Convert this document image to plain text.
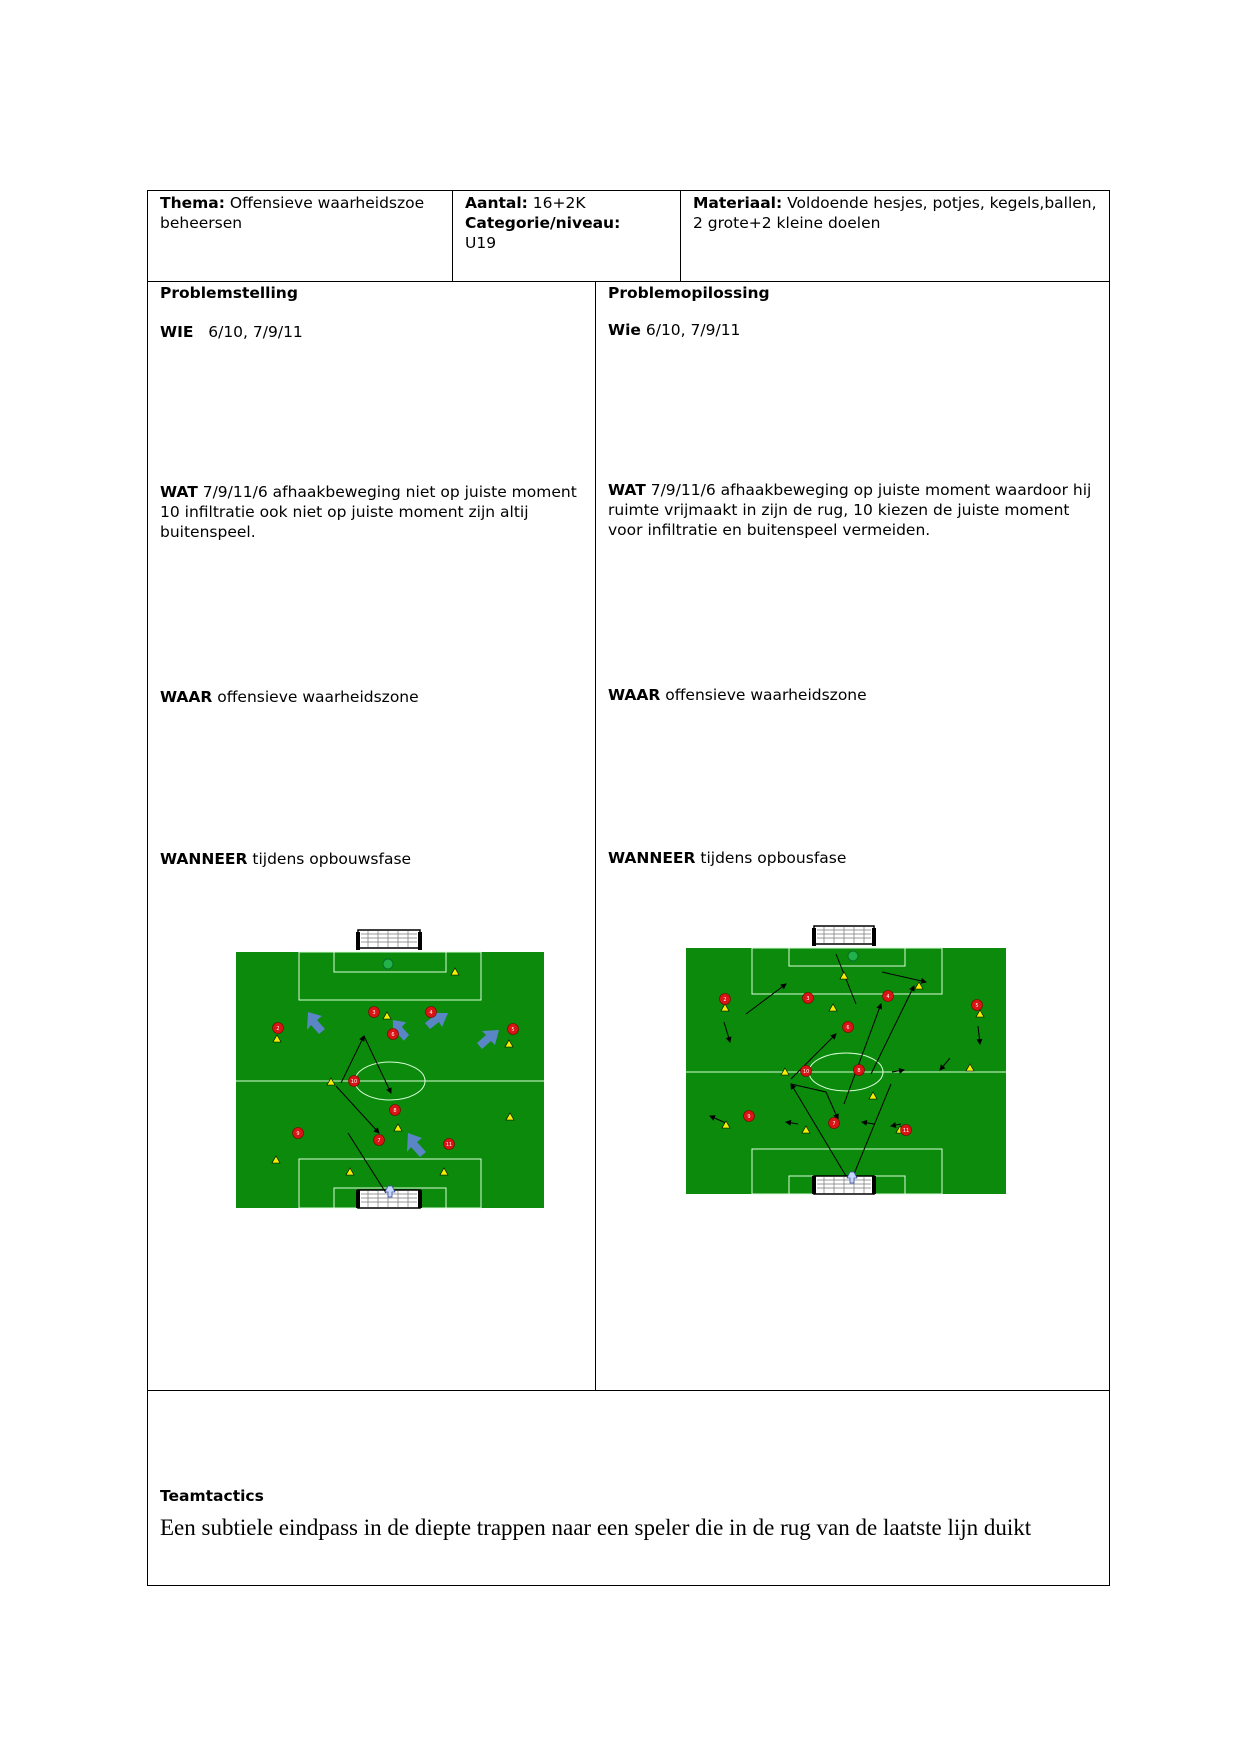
Thema: Offensieve waarheidszoe beheersen
Aantal: 16+2K
Categorie/niveau:
U19
Materiaal: Voldoende hesjes, potjes, kegels,ballen, 2 grote+2 kleine doelen
Problemstelling
WIE 6/10, 7/9/11
WAT 7/9/11/6 afhaakbeweging niet op juiste moment 10 infiltratie ook niet op juiste moment zijn altij buitenspeel.
WAAR offensieve waarheidszone
WANNEER tijdens opbouwsfase
2
3	4
5
6
8
10
9
7
11
Problemopilossing
Wie 6/10, 7/9/11
WAT 7/9/11/6 afhaakbeweging op juiste moment waardoor hij ruimte vrijmaakt in zijn de rug, 10 kiezen de juiste moment voor infiltratie en buitenspeel vermeiden.
WAAR offensieve waarheidszone
WANNEER tijdens opbousfase
2	3	4
5
6
10	8
9
7
11
Teamtactics
Een subtiele eindpass in de diepte trappen naar een speler die in de rug van de laatste lijn duikt
